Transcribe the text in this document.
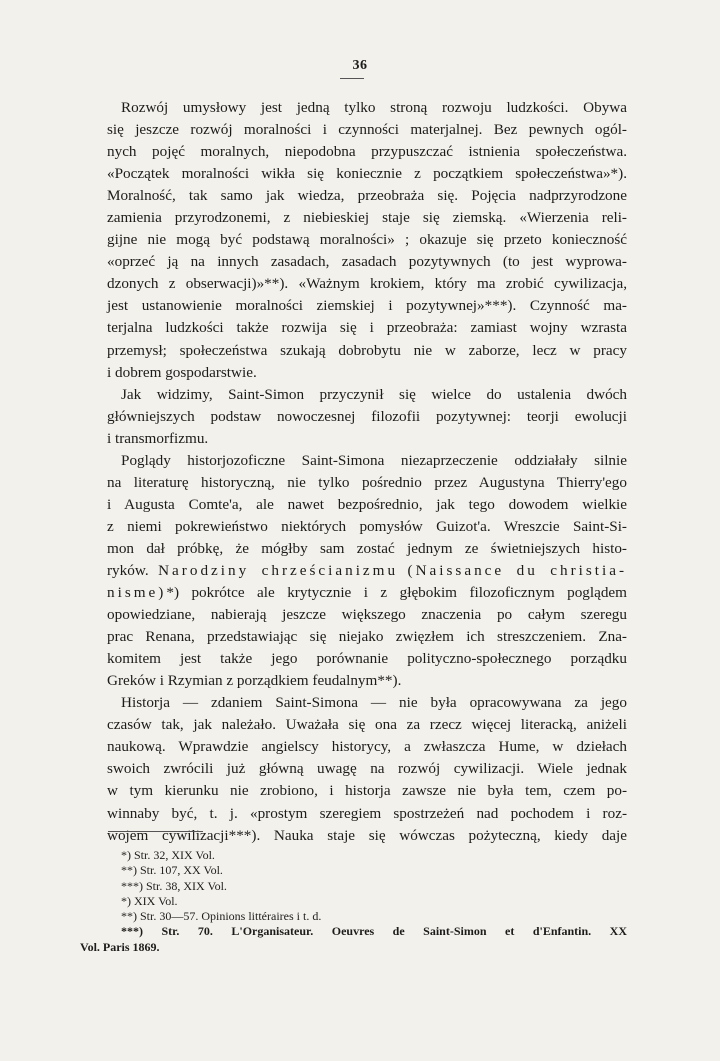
36
Rozwój umysłowy jest jedną tylko stroną rozwoju ludzkości. Obywa
się jeszcze rozwój moralności i czynności materjalnej. Bez pewnych ogól-
nych pojęć moralnych, niepodobna przypuszczać istnienia społeczeństwa.
«Początek moralności wikła się koniecznie z początkiem społeczeństwa»*).
Moralność, tak samo jak wiedza, przeobraża się. Pojęcia nadprzyrodzone
zamienia przyrodzonemi, z niebieskiej staje się ziemską. «Wierzenia reli-
gijne nie mogą być podstawą moralności» ; okazuje się przeto konieczność
«oprzeć ją na innych zasadach, zasadach pozytywnych (to jest wyprowa-
dzonych z obserwacji)»**). «Ważnym krokiem, który ma zrobić cywilizacja,
jest ustanowienie moralności ziemskiej i pozytywnej»***). Czynność ma-
terjalna ludzkości także rozwija się i przeobraża: zamiast wojny wzrasta
przemysł; społeczeństwa szukają dobrobytu nie w zaborze, lecz w pracy
i dobrem gospodarstwie.
Jak widzimy, Saint-Simon przyczynił się wielce do ustalenia dwóch
główniejszych podstaw nowoczesnej filozofii pozytywnej: teorji ewolucji
i transmorfizmu.
Poglądy historjozoficzne Saint-Simona niezaprzeczenie oddziałały silnie
na literaturę historyczną, nie tylko pośrednio przez Augustyna Thierry'ego
i Augusta Comte'a, ale nawet bezpośrednio, jak tego dowodem wielkie
z niemi pokrewieństwo niektórych pomysłów Guizot'a. Wreszcie Saint-Si-
mon dał próbkę, że mógłby sam zostać jednym ze świetniejszych histo-
ryków. Narodziny chrześcianizmu (Naissance du christia-
nisme)*) pokrótce ale krytycznie i z głębokim filozoficznym poglądem
opowiedziane, nabierają jeszcze większego znaczenia po całym szeregu
prac Renana, przedstawiając się niejako zwięzłem ich streszczeniem. Zna-
komitem jest także jego porównanie polityczno-społecznego porządku
Greków i Rzymian z porządkiem feudalnym**).
Historja — zdaniem Saint-Simona — nie była opracowywana za jego
czasów tak, jak należało. Uważała się ona za rzecz więcej literacką, aniżeli
naukową. Wprawdzie angielscy historycy, a zwłaszcza Hume, w dziełach
swoich zwrócili już główną uwagę na rozwój cywilizacji. Wiele jednak
w tym kierunku nie zrobiono, i historja zawsze nie była tem, czem po-
winnaby być, t. j. «prostym szeregiem spostrzeżeń nad pochodem i roz-
wojem cywilizacji***). Nauka staje się wówczas pożyteczną, kiedy daje
*) Str. 32, XIX Vol.
**) Str. 107, XX Vol.
***) Str. 38, XIX Vol.
*) XIX Vol.
**) Str. 30—57. Opinions littéraires i t. d.
***) Str. 70. L'Organisateur. Oeuvres de Saint-Simon et d'Enfantin. XX
Vol. Paris 1869.
